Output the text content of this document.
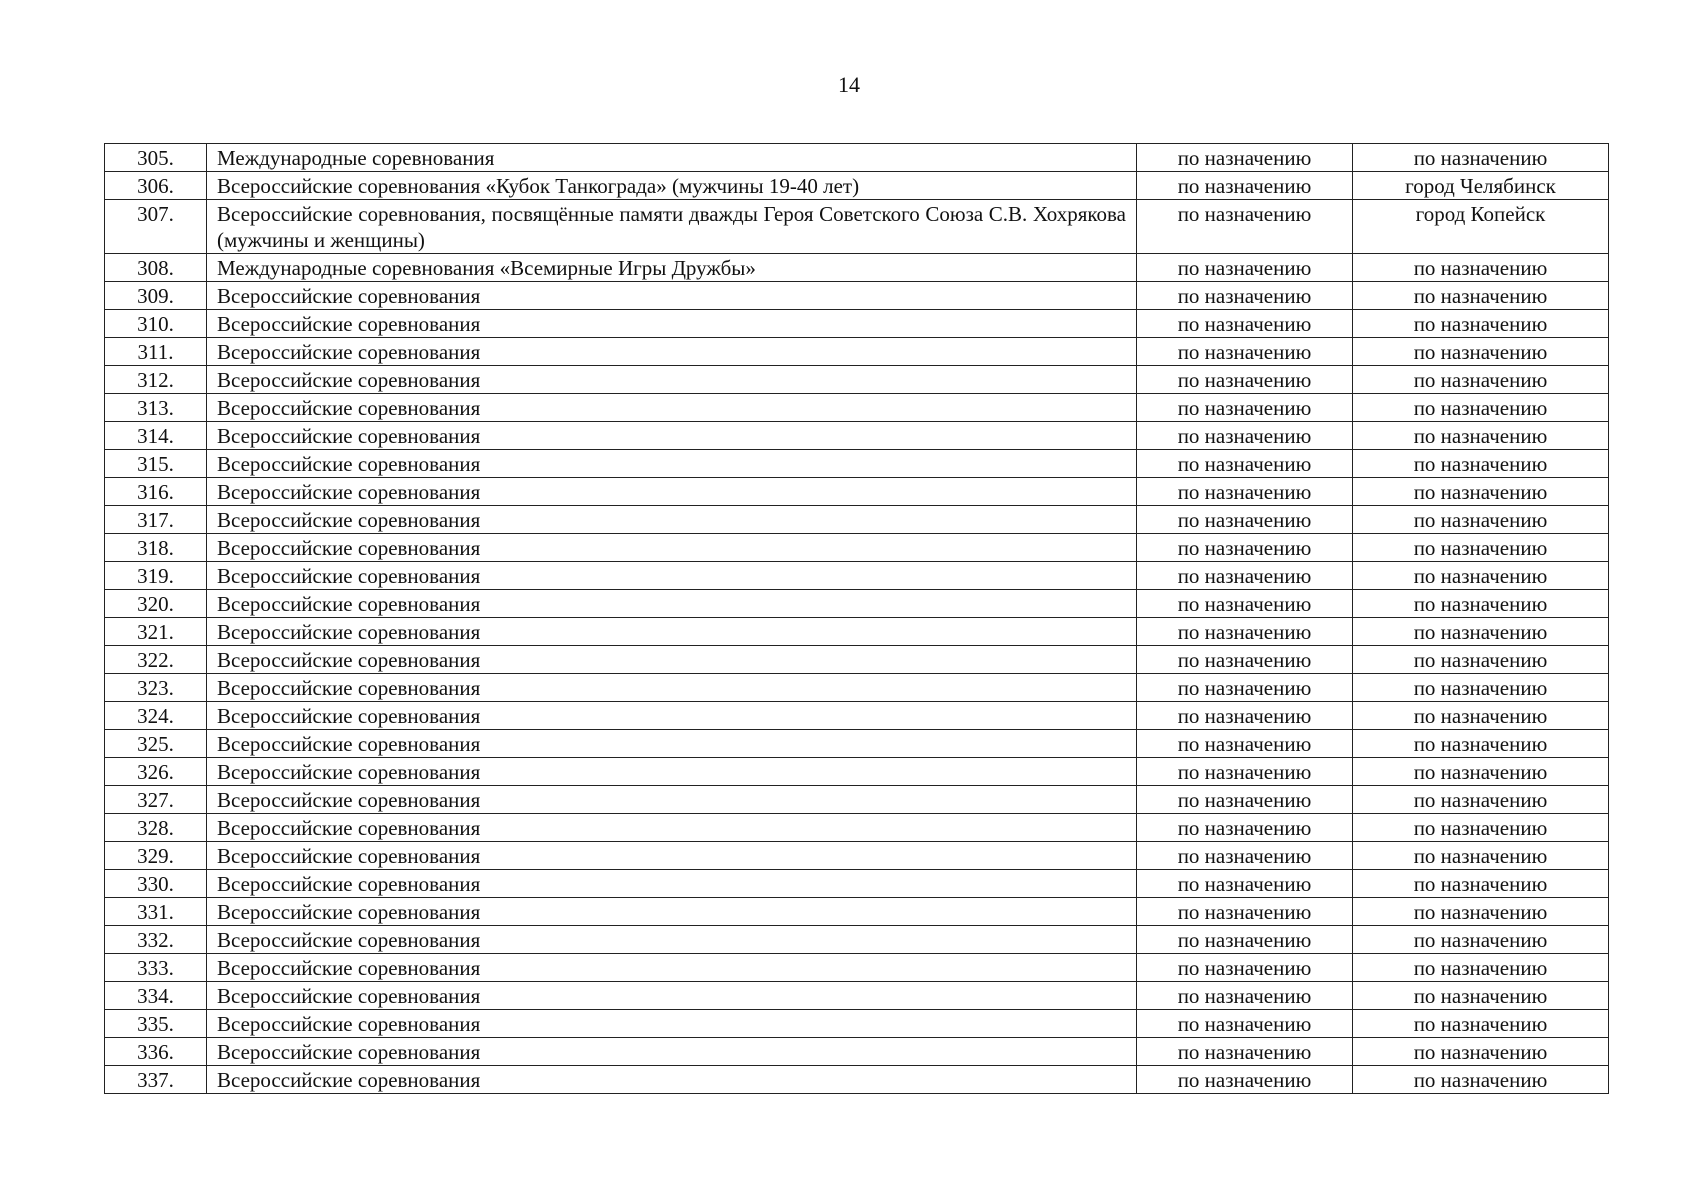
14
305.	Международные соревнования	по назначению	по назначению
306.	Всероссийские соревнования «Кубок Танкограда» (мужчины 19-40 лет)	по назначению	город Челябинск
307.	Всероссийские соревнования, посвящённые памяти дважды Героя Советского Союза С.В. Хохрякова (мужчины и женщины)	по назначению	город Копейск
308.	Международные соревнования «Всемирные Игры Дружбы»	по назначению	по назначению
309.	Всероссийские соревнования	по назначению	по назначению
310.	Всероссийские соревнования	по назначению	по назначению
311.	Всероссийские соревнования	по назначению	по назначению
312.	Всероссийские соревнования	по назначению	по назначению
313.	Всероссийские соревнования	по назначению	по назначению
314.	Всероссийские соревнования	по назначению	по назначению
315.	Всероссийские соревнования	по назначению	по назначению
316.	Всероссийские соревнования	по назначению	по назначению
317.	Всероссийские соревнования	по назначению	по назначению
318.	Всероссийские соревнования	по назначению	по назначению
319.	Всероссийские соревнования	по назначению	по назначению
320.	Всероссийские соревнования	по назначению	по назначению
321.	Всероссийские соревнования	по назначению	по назначению
322.	Всероссийские соревнования	по назначению	по назначению
323.	Всероссийские соревнования	по назначению	по назначению
324.	Всероссийские соревнования	по назначению	по назначению
325.	Всероссийские соревнования	по назначению	по назначению
326.	Всероссийские соревнования	по назначению	по назначению
327.	Всероссийские соревнования	по назначению	по назначению
328.	Всероссийские соревнования	по назначению	по назначению
329.	Всероссийские соревнования	по назначению	по назначению
330.	Всероссийские соревнования	по назначению	по назначению
331.	Всероссийские соревнования	по назначению	по назначению
332.	Всероссийские соревнования	по назначению	по назначению
333.	Всероссийские соревнования	по назначению	по назначению
334.	Всероссийские соревнования	по назначению	по назначению
335.	Всероссийские соревнования	по назначению	по назначению
336.	Всероссийские соревнования	по назначению	по назначению
337.	Всероссийские соревнования	по назначению	по назначению
